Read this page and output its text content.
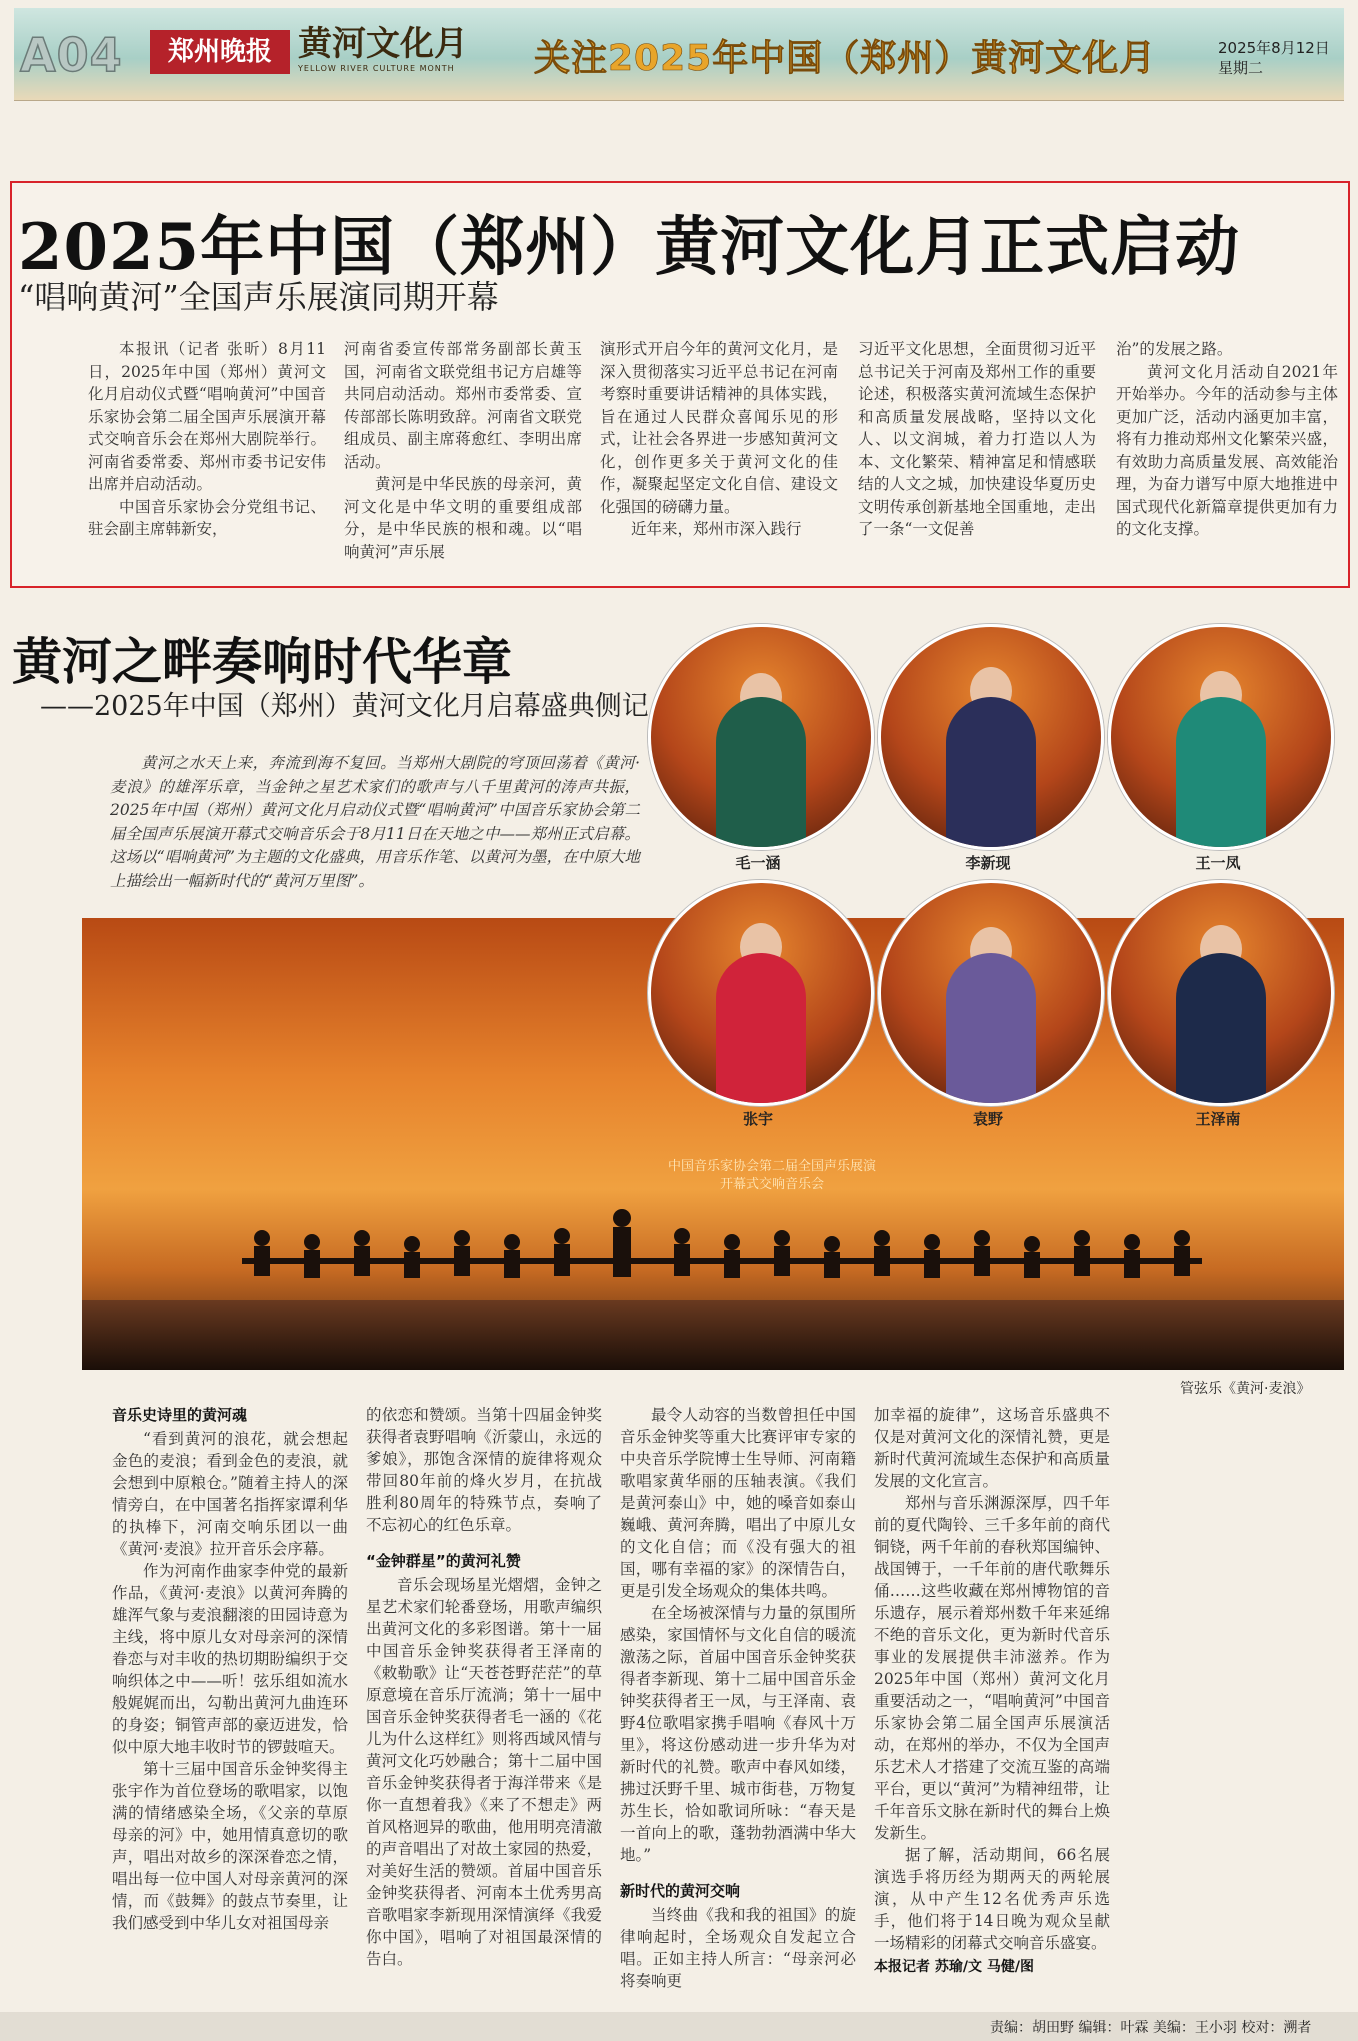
A04	郑州晚报 黄河文化月
YELLOW RIVER CULTURE MONTH	关注2025年中国（郑州）黄河文化月	2025年8月12日
星期二
2025年中国（郑州）黄河文化月正式启动
“唱响黄河”全国声乐展演同期开幕

本报讯（记者 张昕）8月11日，2025年中国（郑州）黄河文化月启动仪式暨“唱响黄河”中国音乐家协会第二届全国声乐展演开幕式交响音乐会在郑州大剧院举行。河南省委常委、郑州市委书记安伟出席并启动活动。

中国音乐家协会分党组书记、驻会副主席韩新安，

河南省委宣传部常务副部长黄玉国，河南省文联党组书记方启雄等共同启动活动。郑州市委常委、宣传部部长陈明致辞。河南省文联党组成员、副主席蒋愈红、李明出席活动。

黄河是中华民族的母亲河，黄河文化是中华文明的重要组成部分，是中华民族的根和魂。以“唱响黄河”声乐展

演形式开启今年的黄河文化月，是深入贯彻落实习近平总书记在河南考察时重要讲话精神的具体实践，旨在通过人民群众喜闻乐见的形式，让社会各界进一步感知黄河文化，创作更多关于黄河文化的佳作，凝聚起坚定文化自信、建设文化强国的磅礴力量。

近年来，郑州市深入践行

习近平文化思想，全面贯彻习近平总书记关于河南及郑州工作的重要论述，积极落实黄河流域生态保护和高质量发展战略，坚持以文化人、以文润城，着力打造以人为本、文化繁荣、精神富足和情感联结的人文之城，加快建设华夏历史文明传承创新基地全国重地，走出了一条“一文促善

治”的发展之路。

黄河文化月活动自2021年开始举办。今年的活动参与主体更加广泛，活动内涵更加丰富，将有力推动郑州文化繁荣兴盛，有效助力高质量发展、高效能治理，为奋力谱写中原大地推进中国式现代化新篇章提供更加有力的文化支撑。

黄河之畔奏响时代华章
——2025年中国（郑州）黄河文化月启幕盛典侧记
黄河之水天上来，奔流到海不复回。当郑州大剧院的穹顶回荡着《黄河·麦浪》的雄浑乐章，当金钟之星艺术家们的歌声与八千里黄河的涛声共振，2025年中国（郑州）黄河文化月启动仪式暨“唱响黄河”中国音乐家协会第二届全国声乐展演开幕式交响音乐会于8月11日在天地之中——郑州正式启幕。这场以“唱响黄河”为主题的文化盛典，用音乐作笔、以黄河为墨，在中原大地上描绘出一幅新时代的“黄河万里图”。
毛一涵	李新现	王一凤
中国音乐家协会第二届全国声乐展演
开幕式交响音乐会
张宇	袁野	王泽南
管弦乐《黄河·麦浪》
音乐史诗里的黄河魂

“看到黄河的浪花，就会想起金色的麦浪；看到金色的麦浪，就会想到中原粮仓。”随着主持人的深情旁白，在中国著名指挥家谭利华的执棒下，河南交响乐团以一曲《黄河·麦浪》拉开音乐会序幕。

作为河南作曲家李仲党的最新作品，《黄河·麦浪》以黄河奔腾的雄浑气象与麦浪翻滚的田园诗意为主线，将中原儿女对母亲河的深情眷恋与对丰收的热切期盼编织于交响织体之中——听！弦乐组如流水般娓娓而出，勾勒出黄河九曲连环的身姿；铜管声部的豪迈进发，恰似中原大地丰收时节的锣鼓喧天。

第十三届中国音乐金钟奖得主张宇作为首位登场的歌唱家，以饱满的情绪感染全场，《父亲的草原母亲的河》中，她用情真意切的歌声，唱出对故乡的深深眷恋之情，唱出每一位中国人对母亲黄河的深情，而《鼓舞》的鼓点节奏里，让我们感受到中华儿女对祖国母亲

的依恋和赞颂。当第十四届金钟奖获得者袁野唱响《沂蒙山，永远的爹娘》，那饱含深情的旋律将观众带回80年前的烽火岁月，在抗战胜利80周年的特殊节点，奏响了不忘初心的红色乐章。

“金钟群星”的黄河礼赞

音乐会现场星光熠熠，金钟之星艺术家们轮番登场，用歌声编织出黄河文化的多彩图谱。第十一届中国音乐金钟奖获得者王泽南的《敕勒歌》让“天苍苍野茫茫”的草原意境在音乐厅流淌；第十一届中国音乐金钟奖获得者毛一涵的《花儿为什么这样红》则将西域风情与黄河文化巧妙融合；第十二届中国音乐金钟奖获得者于海洋带来《是你一直想着我》《来了不想走》两首风格迥异的歌曲，他用明亮清澈的声音唱出了对故土家园的热爱，对美好生活的赞颂。首届中国音乐金钟奖获得者、河南本土优秀男高音歌唱家李新现用深情演绎《我爱你中国》，唱响了对祖国最深情的告白。

最令人动容的当数曾担任中国音乐金钟奖等重大比赛评审专家的中央音乐学院博士生导师、河南籍歌唱家黄华丽的压轴表演。《我们是黄河泰山》中，她的嗓音如泰山巍峨、黄河奔腾，唱出了中原儿女的文化自信；而《没有强大的祖国，哪有幸福的家》的深情告白，更是引发全场观众的集体共鸣。

在全场被深情与力量的氛围所感染，家国情怀与文化自信的暖流激荡之际，首届中国音乐金钟奖获得者李新现、第十二届中国音乐金钟奖获得者王一凤，与王泽南、袁野4位歌唱家携手唱响《春风十万里》，将这份感动进一步升华为对新时代的礼赞。歌声中春风如缕，拂过沃野千里、城市街巷，万物复苏生长，恰如歌词所咏：“春天是一首向上的歌，蓬勃勃酒满中华大地。”

新时代的黄河交响

当终曲《我和我的祖国》的旋律响起时，全场观众自发起立合唱。正如主持人所言：“母亲河必将奏响更

加幸福的旋律”，这场音乐盛典不仅是对黄河文化的深情礼赞，更是新时代黄河流域生态保护和高质量发展的文化宣言。

郑州与音乐渊源深厚，四千年前的夏代陶铃、三千多年前的商代铜铙，两千年前的春秋郑国编钟、战国镈于，一千年前的唐代歌舞乐俑……这些收藏在郑州博物馆的音乐遗存，展示着郑州数千年来延绵不绝的音乐文化，更为新时代音乐事业的发展提供丰沛滋养。作为2025年中国（郑州）黄河文化月重要活动之一，“唱响黄河”中国音乐家协会第二届全国声乐展演活动，在郑州的举办，不仅为全国声乐艺术人才搭建了交流互鉴的高端平台，更以“黄河”为精神纽带，让千年音乐文脉在新时代的舞台上焕发新生。

据了解，活动期间，66名展演选手将历经为期两天的两轮展演，从中产生12名优秀声乐选手，他们将于14日晚为观众呈献一场精彩的闭幕式交响音乐盛宴。

本报记者 苏瑜/文 马健/图
责编：胡田野 编辑：叶霖 美编：王小羽 校对：溯者
